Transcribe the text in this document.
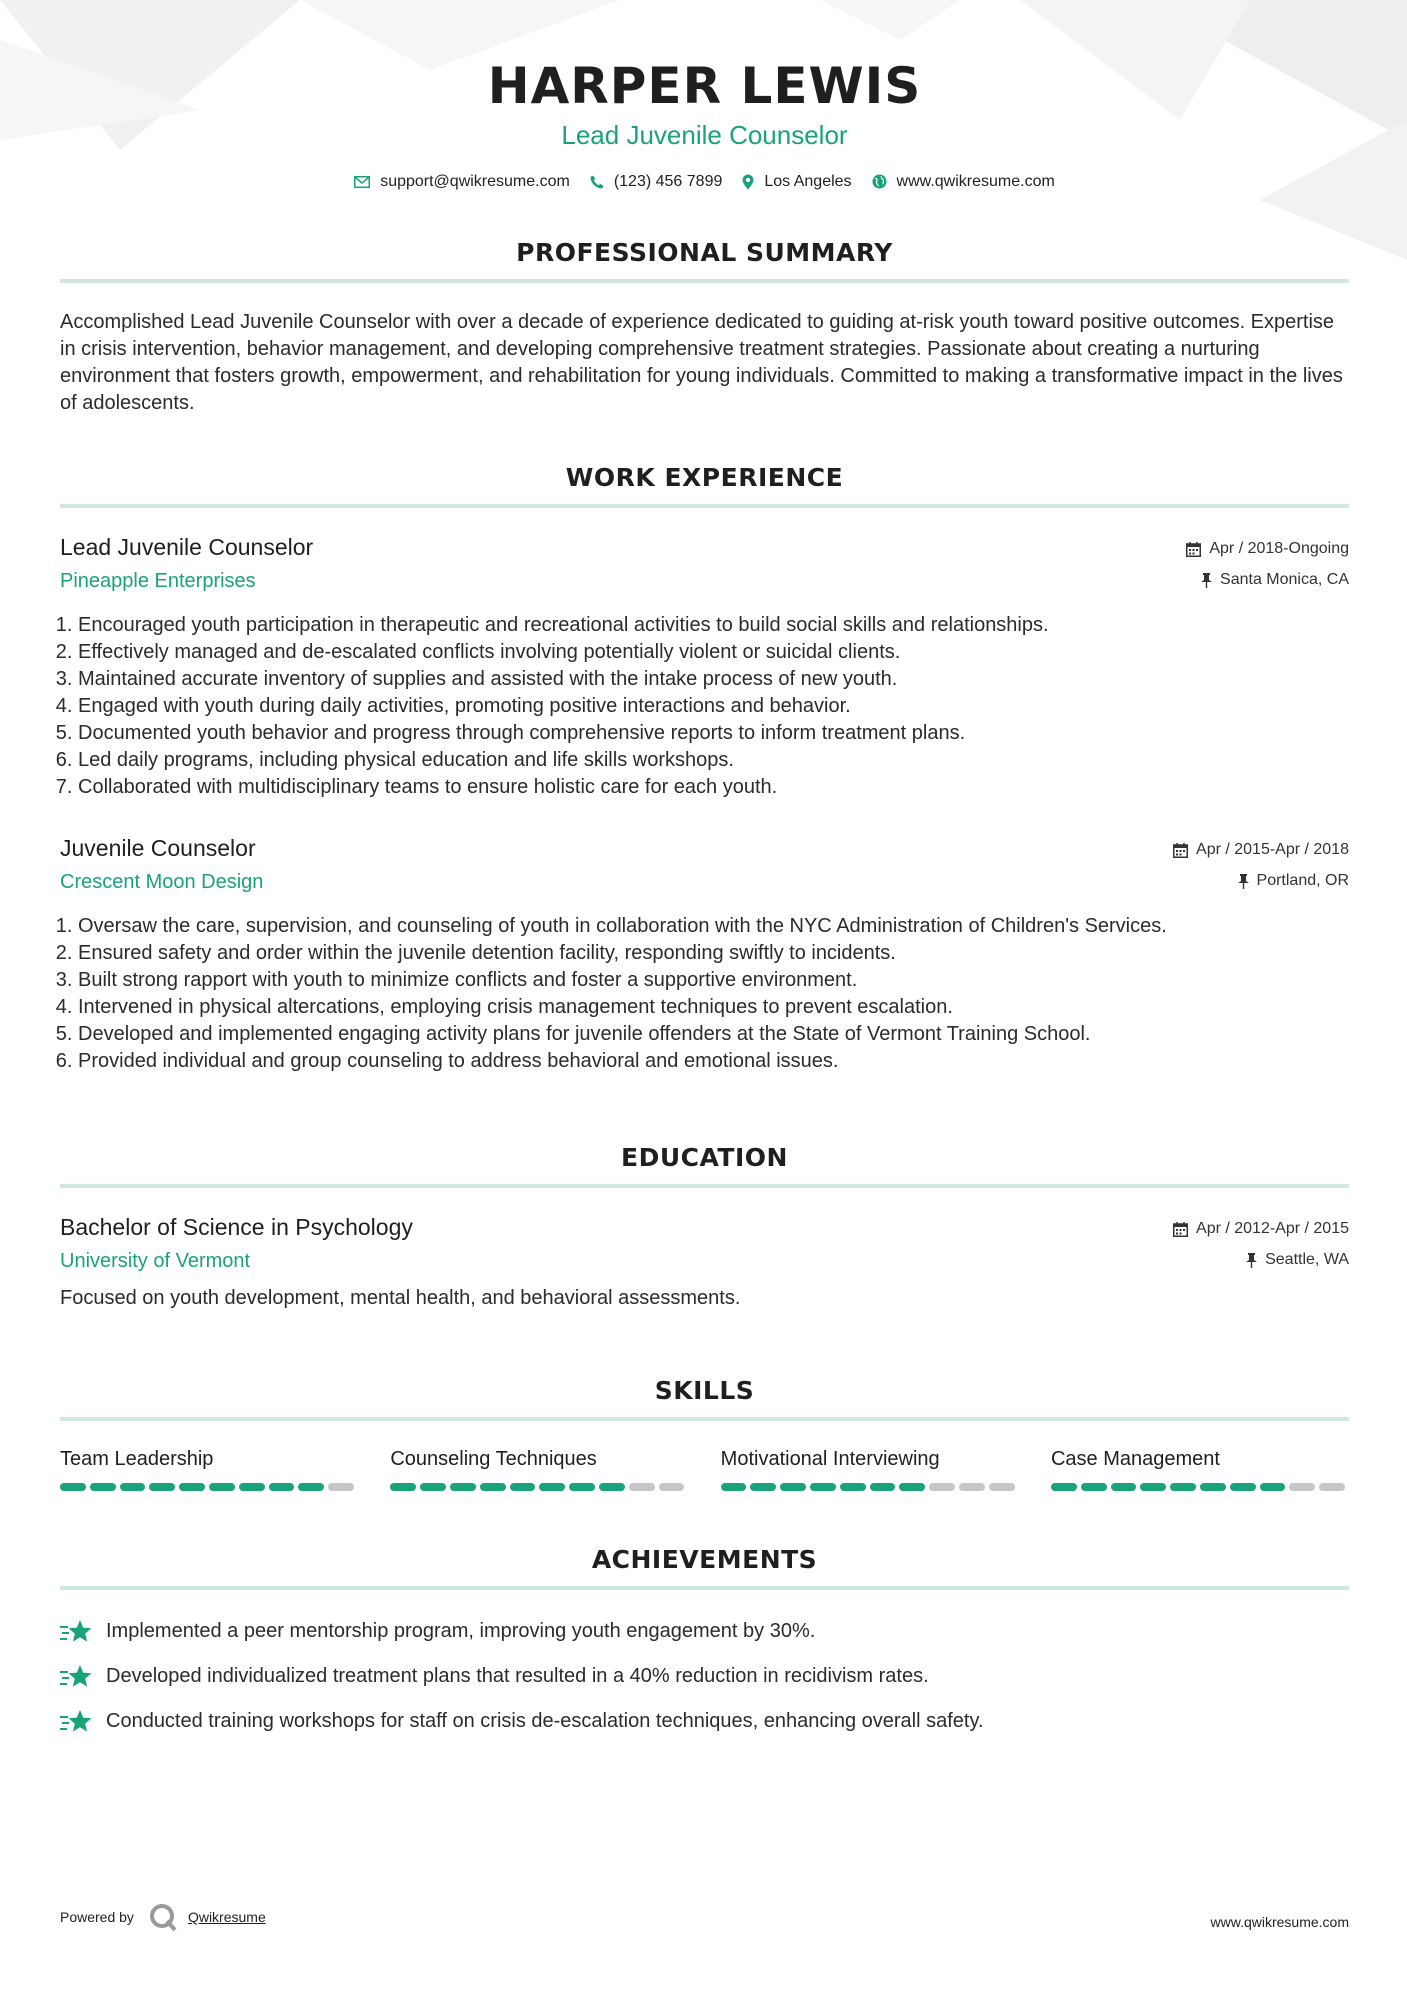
HARPER LEWIS
Lead Juvenile Counselor
support@qwikresume.com	(123) 456 7899	Los Angeles	www.qwikresume.com
PROFESSIONAL SUMMARY
Accomplished Lead Juvenile Counselor with over a decade of experience dedicated to guiding at-risk youth toward positive outcomes. Expertise in crisis intervention, behavior management, and developing comprehensive treatment strategies. Passionate about creating a nurturing environment that fosters growth, empowerment, and rehabilitation for young individuals. Committed to making a transformative impact in the lives of adolescents.
WORK EXPERIENCE
Lead Juvenile Counselor
Pineapple Enterprises
Apr / 2018-Ongoing
Santa Monica, CA
1. Encouraged youth participation in therapeutic and recreational activities to build social skills and relationships.
2. Effectively managed and de-escalated conflicts involving potentially violent or suicidal clients.
3. Maintained accurate inventory of supplies and assisted with the intake process of new youth.
4. Engaged with youth during daily activities, promoting positive interactions and behavior.
5. Documented youth behavior and progress through comprehensive reports to inform treatment plans.
6. Led daily programs, including physical education and life skills workshops.
7. Collaborated with multidisciplinary teams to ensure holistic care for each youth.
Juvenile Counselor
Crescent Moon Design
Apr / 2015-Apr / 2018
Portland, OR
1. Oversaw the care, supervision, and counseling of youth in collaboration with the NYC Administration of Children's Services.
2. Ensured safety and order within the juvenile detention facility, responding swiftly to incidents.
3. Built strong rapport with youth to minimize conflicts and foster a supportive environment.
4. Intervened in physical altercations, employing crisis management techniques to prevent escalation.
5. Developed and implemented engaging activity plans for juvenile offenders at the State of Vermont Training School.
6. Provided individual and group counseling to address behavioral and emotional issues.
EDUCATION
Bachelor of Science in Psychology
University of Vermont
Apr / 2012-Apr / 2015
Seattle, WA
Focused on youth development, mental health, and behavioral assessments.
SKILLS
Team Leadership	Counseling Techniques	Motivational Interviewing	Case Management
ACHIEVEMENTS
Implemented a peer mentorship program, improving youth engagement by 30%.
Developed individualized treatment plans that resulted in a 40% reduction in recidivism rates.
Conducted training workshops for staff on crisis de-escalation techniques, enhancing overall safety.
Powered by	Qwikresume	www.qwikresume.com
